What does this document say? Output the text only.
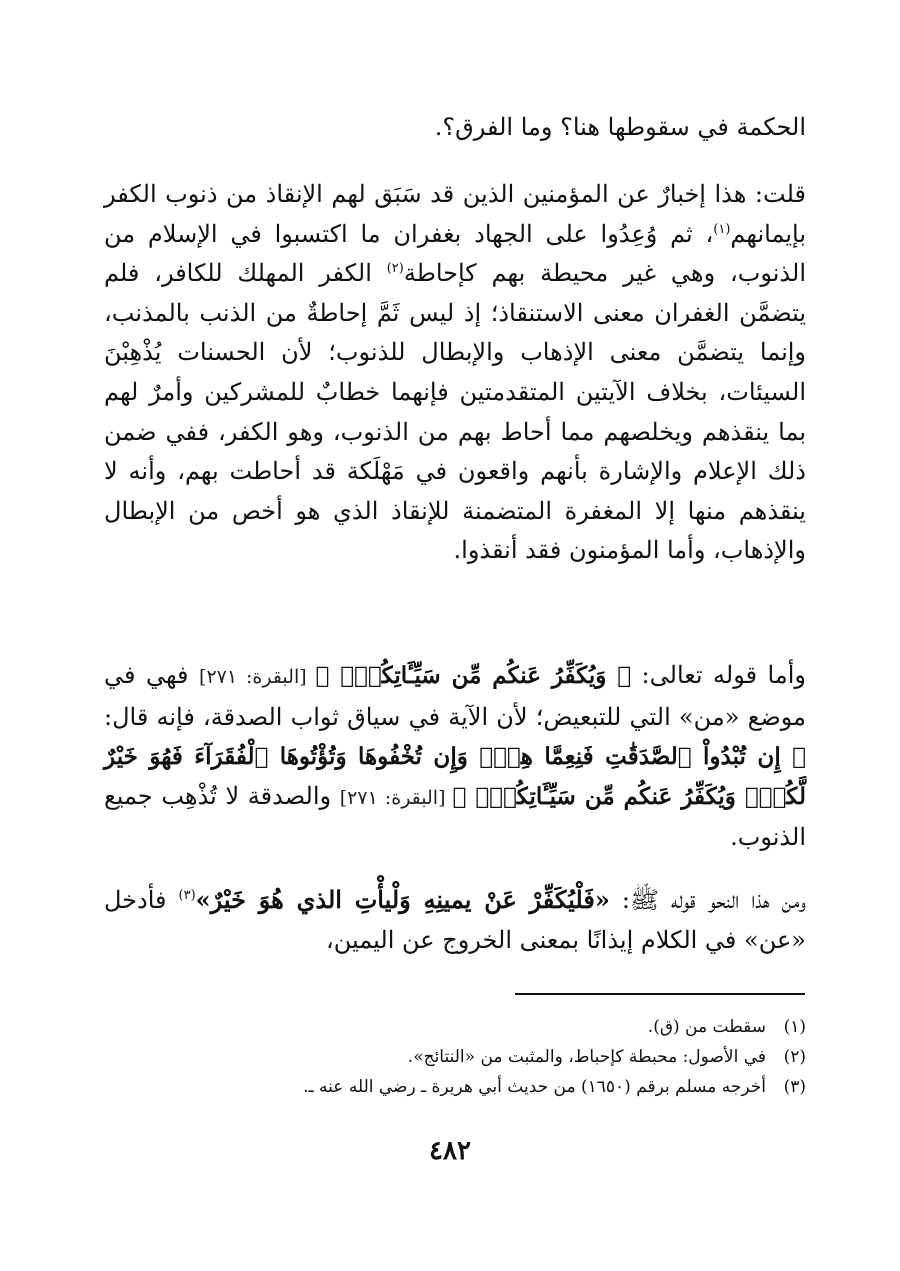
الحكمة في سقوطها هنا؟ وما الفرق؟.

قلت: هذا إخبارٌ عن المؤمنين الذين قد سَبَق لهم الإنقاذ من ذنوب الكفر بإيمانهم$^{(١)}$، ثم وُعِدُوا على الجهاد بغفران ما اكتسبوا في الإسلام من الذنوب، وهي غير محيطة بهم كإحاطة$^{(٢)}$ الكفر المهلك للكافر، فلم يتضمَّن الغفران معنى الاستنقاذ؛ إذ ليس ثَمَّ إحاطةٌ من الذنب بالمذنب، وإنما يتضمَّن معنى الإذهاب والإبطال للذنوب؛ لأن الحسنات يُذْهِبْنَ السيئات، بخلاف الآيتين المتقدمتين فإنهما خطابٌ للمشركين وأمرٌ لهم بما ينقذهم ويخلصهم مما أحاط بهم من الذنوب، وهو الكفر، ففي ضمن ذلك الإعلام والإشارة بأنهم واقعون في مَهْلَكة قد أحاطت بهم، وأنه لا ينقذهم منها إلا المغفرة المتضمنة للإنقاذ الذي هو أخص من الإبطال والإذهاب، وأما المؤمنون فقد أنقذوا.

وأما قوله تعالى: ﴿ وَيُكَفِّرُ عَنكُم مِّن سَيِّـَٔاتِكُمْۗ ﴾ [البقرة: ٢٧١] فهي في موضع «من» التي للتبعيض؛ لأن الآية في سياق ثواب الصدقة، فإنه قال: ﴿ إِن تُبْدُواْ ٱلصَّدَقَٰتِ فَنِعِمَّا هِيَۖ وَإِن تُخْفُوهَا وَتُؤْتُوهَا ٱلْفُقَرَآءَ فَهُوَ خَيْرٌ لَّكُمْۚ وَيُكَفِّرُ عَنكُم مِّن سَيِّـَٔاتِكُمْۗ ﴾ [البقرة: ٢٧١] والصدقة لا تُذْهِب جميع الذنوب.

ومن هذا النحو قوله ﷺ: «فَلْيُكَفِّرْ عَنْ يمينِهِ وَلْيأْتِ الذي هُوَ خَيْرٌ»$^{(٣)}$ فأدخل «عن» في الكلام إيذانًا بمعنى الخروج عن اليمين،

(١)سقطت من (ق).
(٢)في الأصول: محبطة كإحباط، والمثبت من «النتائج».
(٣)أخرجه مسلم برقم (١٦٥٠) من حديث أبي هريرة ـ رضي الله عنه ـ.
٤٨٢
